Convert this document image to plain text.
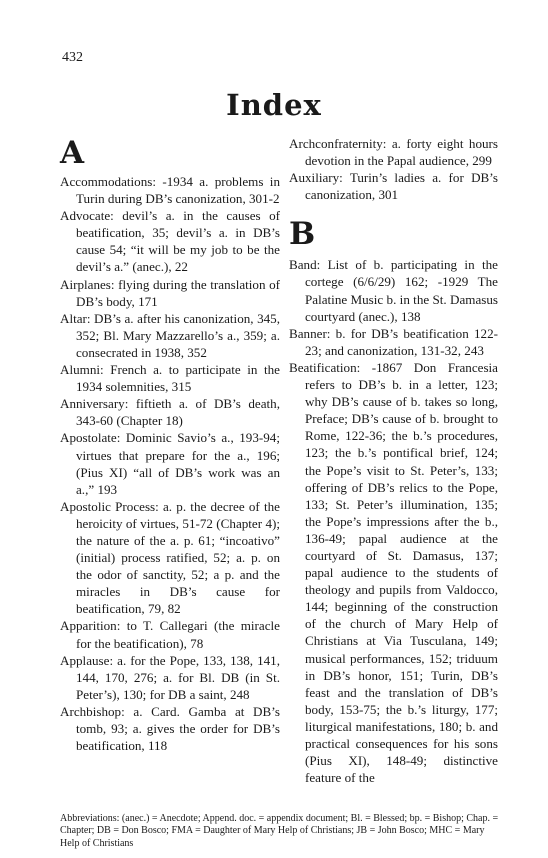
432
Index
A
Accommodations: -1934 a. problems in Turin during DB’s canonization, 301-2
Advocate: devil’s a. in the causes of beatification, 35; devil’s a. in DB’s cause 54; “it will be my job to be the devil’s a.” (anec.), 22
Airplanes: flying during the translation of DB’s body, 171
Altar: DB’s a. after his canonization, 345, 352; Bl. Mary Mazzarello’s a., 359; a. consecrated in 1938, 352
Alumni: French a. to participate in the 1934 solemnities, 315
Anniversary: fiftieth a. of DB’s death, 343-60 (Chapter 18)
Apostolate: Dominic Savio’s a., 193-94; virtues that prepare for the a., 196; (Pius XI) “all of DB’s work was an a.,” 193
Apostolic Process: a. p. the decree of the heroicity of virtues, 51-72 (Chapter 4); the nature of the a. p. 61; “incoativo” (initial) process ratified, 52; a. p. on the odor of sanctity, 52; a p. and the miracles in DB’s cause for beatification, 79, 82
Apparition: to T. Callegari (the miracle for the beatification), 78
Applause: a. for the Pope, 133, 138, 141, 144, 170, 276; a. for Bl. DB (in St. Peter’s), 130; for DB a saint, 248
Archbishop: a. Card. Gamba at DB’s tomb, 93; a. gives the order for DB’s beatification, 118
Archconfraternity: a. forty eight hours devotion in the Papal audience, 299
Auxiliary: Turin’s ladies a. for DB’s canonization, 301
B
Band: List of b. participating in the cortege (6/6/29) 162; -1929 The Palatine Music b. in the St. Damasus courtyard (anec.), 138
Banner: b. for DB’s beatification 122-23; and canonization, 131-32, 243
Beatification: -1867 Don Francesia refers to DB’s b. in a letter, 123; why DB’s cause of b. takes so long, Preface; DB’s cause of b. brought to Rome, 122-36; the b.’s procedures, 123; the b.’s pontifical brief, 124; the Pope’s visit to St. Peter’s, 133; offering of DB’s relics to the Pope, 133; St. Peter’s illumination, 135; the Pope’s impressions after the b., 136-49; papal audience at the courtyard of St. Damasus, 137; papal audience to the students of theology and pupils from Valdocco, 144; beginning of the construction of the church of Mary Help of Christians at Via Tusculana, 149; musical performances, 152; triduum in DB’s honor, 151; Turin, DB’s feast and the translation of DB’s body, 153-75; the b.’s liturgy, 177; liturgical manifestations, 180; b. and practical consequences for his sons (Pius XI), 148-49; distinctive feature of the
Abbreviations: (anec.) = Anecdote; Append. doc. = appendix document; Bl. = Blessed; bp. = Bishop; Chap. = Chapter; DB = Don Bosco; FMA = Daughter of Mary Help of Christians; JB = John Bosco; MHC = Mary Help of Christians
